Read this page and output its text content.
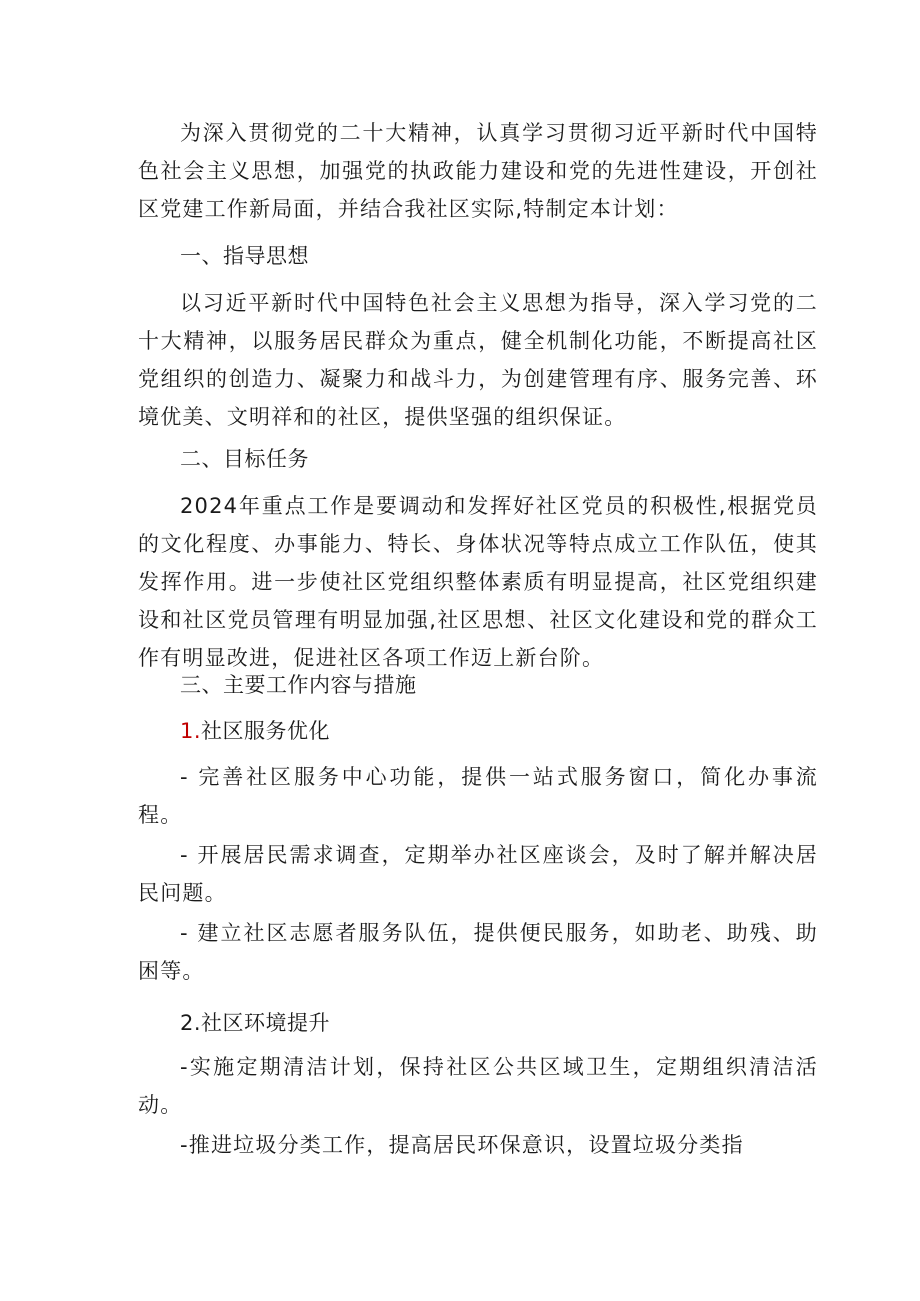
为深入贯彻党的二十大精神，认真学习贯彻习近平新时代中国特色社会主义思想，加强党的执政能力建设和党的先进性建设，开创社区党建工作新局面，并结合我社区实际,特制定本计划：

一、指导思想

以习近平新时代中国特色社会主义思想为指导，深入学习党的二十大精神，以服务居民群众为重点，健全机制化功能，不断提高社区党组织的创造力、凝聚力和战斗力，为创建管理有序、服务完善、环境优美、文明祥和的社区，提供坚强的组织保证。

二、目标任务

2024年重点工作是要调动和发挥好社区党员的积极性,根据党员的文化程度、办事能力、特长、身体状况等特点成立工作队伍，使其发挥作用。进一步使社区党组织整体素质有明显提高，社区党组织建设和社区党员管理有明显加强,社区思想、社区文化建设和党的群众工作有明显改进，促进社区各项工作迈上新台阶。

三、主要工作内容与措施

1.社区服务优化

- 完善社区服务中心功能，提供一站式服务窗口，简化办事流程。

- 开展居民需求调查，定期举办社区座谈会，及时了解并解决居民问题。

- 建立社区志愿者服务队伍，提供便民服务，如助老、助残、助困等。

2.社区环境提升

-实施定期清洁计划，保持社区公共区域卫生，定期组织清洁活动。

-推进垃圾分类工作，提高居民环保意识，设置垃圾分类指
